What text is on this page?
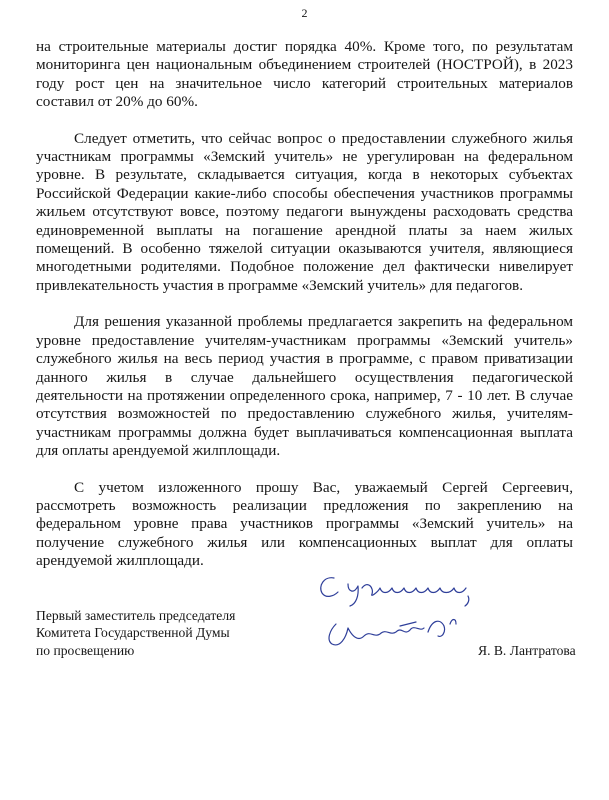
2

на строительные материалы достиг порядка 40%. Кроме того, по результатам мониторинга цен национальным объединением строителей (НОСТРОЙ), в 2023 году рост цен на значительное число категорий строительных материалов составил от 20% до 60%.

Следует отметить, что сейчас вопрос о предоставлении служебного жилья участникам программы «Земский учитель» не урегулирован на федеральном уровне. В результате, складывается ситуация, когда в некоторых субъектах Российской Федерации какие-либо способы обеспечения участников программы жильем отсутствуют вовсе, поэтому педагоги вынуждены расходовать средства единовременной выплаты на погашение арендной платы за наем жилых помещений. В особенно тяжелой ситуации оказываются учителя, являющиеся многодетными родителями. Подобное положение дел фактически нивелирует привлекательность участия в программе «Земский учитель» для педагогов.

Для решения указанной проблемы предлагается закрепить на федеральном уровне предоставление учителям-участникам программы «Земский учитель» служебного жилья на весь период участия в программе, с правом приватизации данного жилья в случае дальнейшего осуществления педагогической деятельности на протяжении определенного срока, например, 7 - 10 лет. В случае отсутствия возможностей по предоставлению служебного жилья, учителям-участникам программы должна будет выплачиваться компенсационная выплата для оплаты арендуемой жилплощади.

С учетом изложенного прошу Вас, уважаемый Сергей Сергеевич, рассмотреть возможность реализации предложения по закреплению на федеральном уровне права участников программы «Земский учитель» на получение служебного жилья или компенсационных выплат для оплаты арендуемой жилплощади.

Первый заместитель председателя
Комитета Государственной Думы
по просвещению	Я. В. Лантратова
